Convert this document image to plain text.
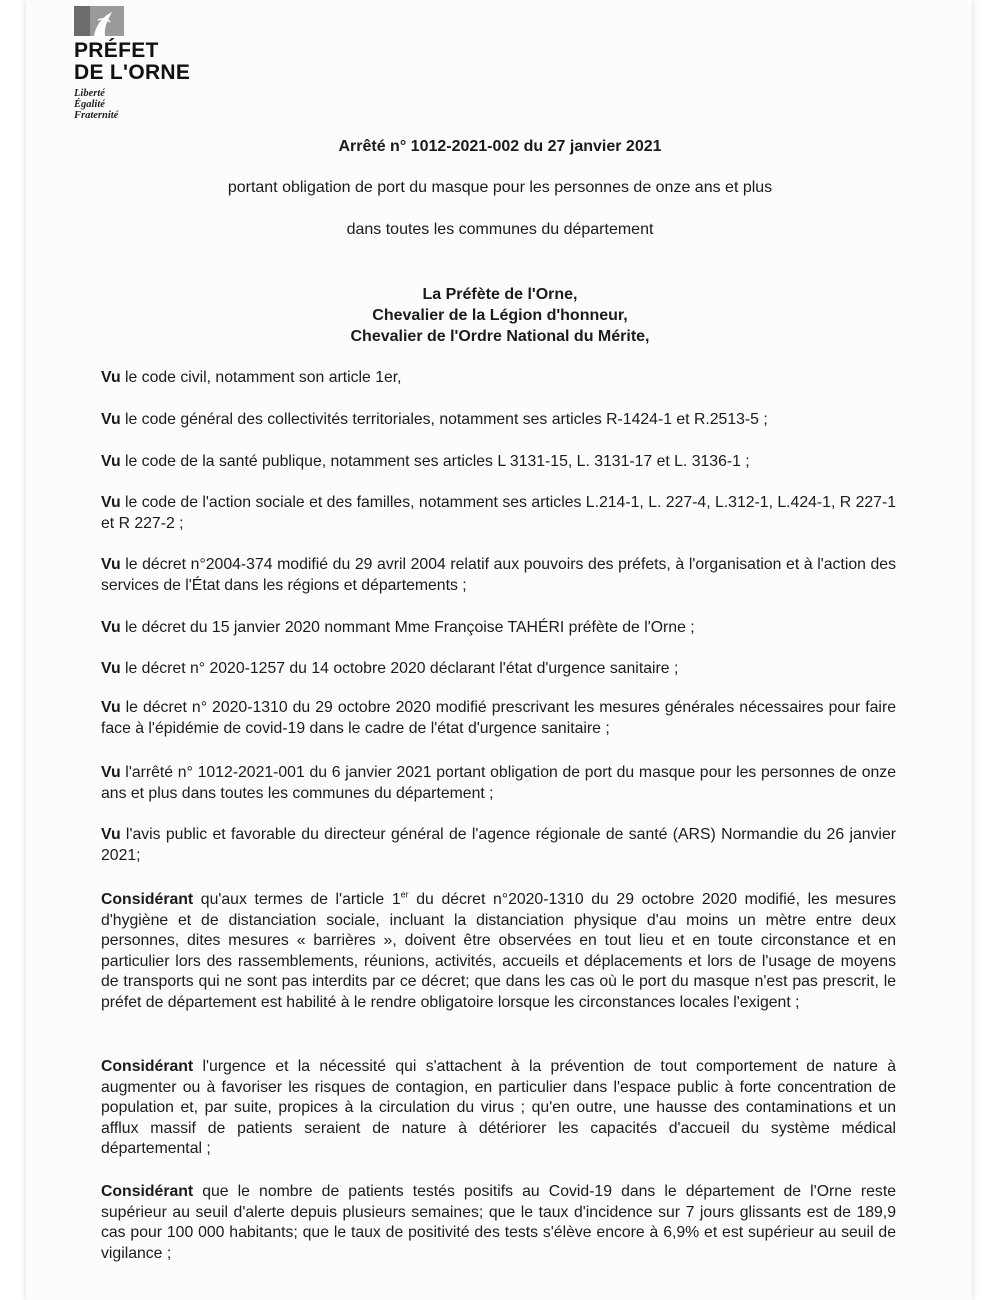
PRÉFET
DE L'ORNE
Liberté
Égalité
Fraternité
Arrêté n° 1012-2021-002 du 27 janvier 2021
portant obligation de port du masque pour les personnes de onze ans et plus
dans toutes les communes du département
La Préfète de l'Orne,
Chevalier de la Légion d'honneur,
Chevalier de l'Ordre National du Mérite,
Vu le code civil, notamment son article 1er,
Vu le code général des collectivités territoriales, notamment ses articles R-1424-1 et R.2513-5 ;
Vu le code de la santé publique, notamment ses articles L 3131-15, L. 3131-17 et L. 3136-1 ;
Vu le code de l'action sociale et des familles, notamment ses articles L.214-1, L. 227-4, L.312-1, L.424-1, R 227-1 et R 227-2 ;
Vu le décret n°2004-374 modifié du 29 avril 2004 relatif aux pouvoirs des préfets, à l'organisation et à l'action des services de l'État dans les régions et départements ;
Vu le décret du 15 janvier 2020 nommant Mme Françoise TAHÉRI préfète de l'Orne ;
Vu le décret n° 2020-1257 du 14 octobre 2020 déclarant l'état d'urgence sanitaire ;
Vu le décret n° 2020-1310 du 29 octobre 2020 modifié prescrivant les mesures générales nécessaires pour faire face à l'épidémie de covid-19 dans le cadre de l'état d'urgence sanitaire ;
Vu l'arrêté n° 1012-2021-001 du 6 janvier 2021 portant obligation de port du masque pour les personnes de onze ans et plus dans toutes les communes du département ;
Vu l'avis public et favorable du directeur général de l'agence régionale de santé (ARS) Normandie du 26 janvier 2021;
Considérant qu'aux termes de l'article 1er du décret n°2020-1310 du 29 octobre 2020 modifié, les mesures d'hygiène et de distanciation sociale, incluant la distanciation physique d'au moins un mètre entre deux personnes, dites mesures « barrières », doivent être observées en tout lieu et en toute circonstance et en particulier lors des rassemblements, réunions, activités, accueils et déplacements et lors de l'usage de moyens de transports qui ne sont pas interdits par ce décret; que dans les cas où le port du masque n'est pas prescrit, le préfet de département est habilité à le rendre obligatoire lorsque les circonstances locales l'exigent ;
Considérant l'urgence et la nécessité qui s'attachent à la prévention de tout comportement de nature à augmenter ou à favoriser les risques de contagion, en particulier dans l'espace public à forte concentration de population et, par suite, propices à la circulation du virus ; qu'en outre, une hausse des contaminations et un afflux massif de patients seraient de nature à détériorer les capacités d'accueil du système médical départemental ;
Considérant que le nombre de patients testés positifs au Covid-19 dans le département de l'Orne reste supérieur au seuil d'alerte depuis plusieurs semaines; que le taux d'incidence sur 7 jours glissants est de 189,9 cas pour 100 000 habitants; que le taux de positivité des tests s'élève encore à 6,9% et est supérieur au seuil de vigilance ;
